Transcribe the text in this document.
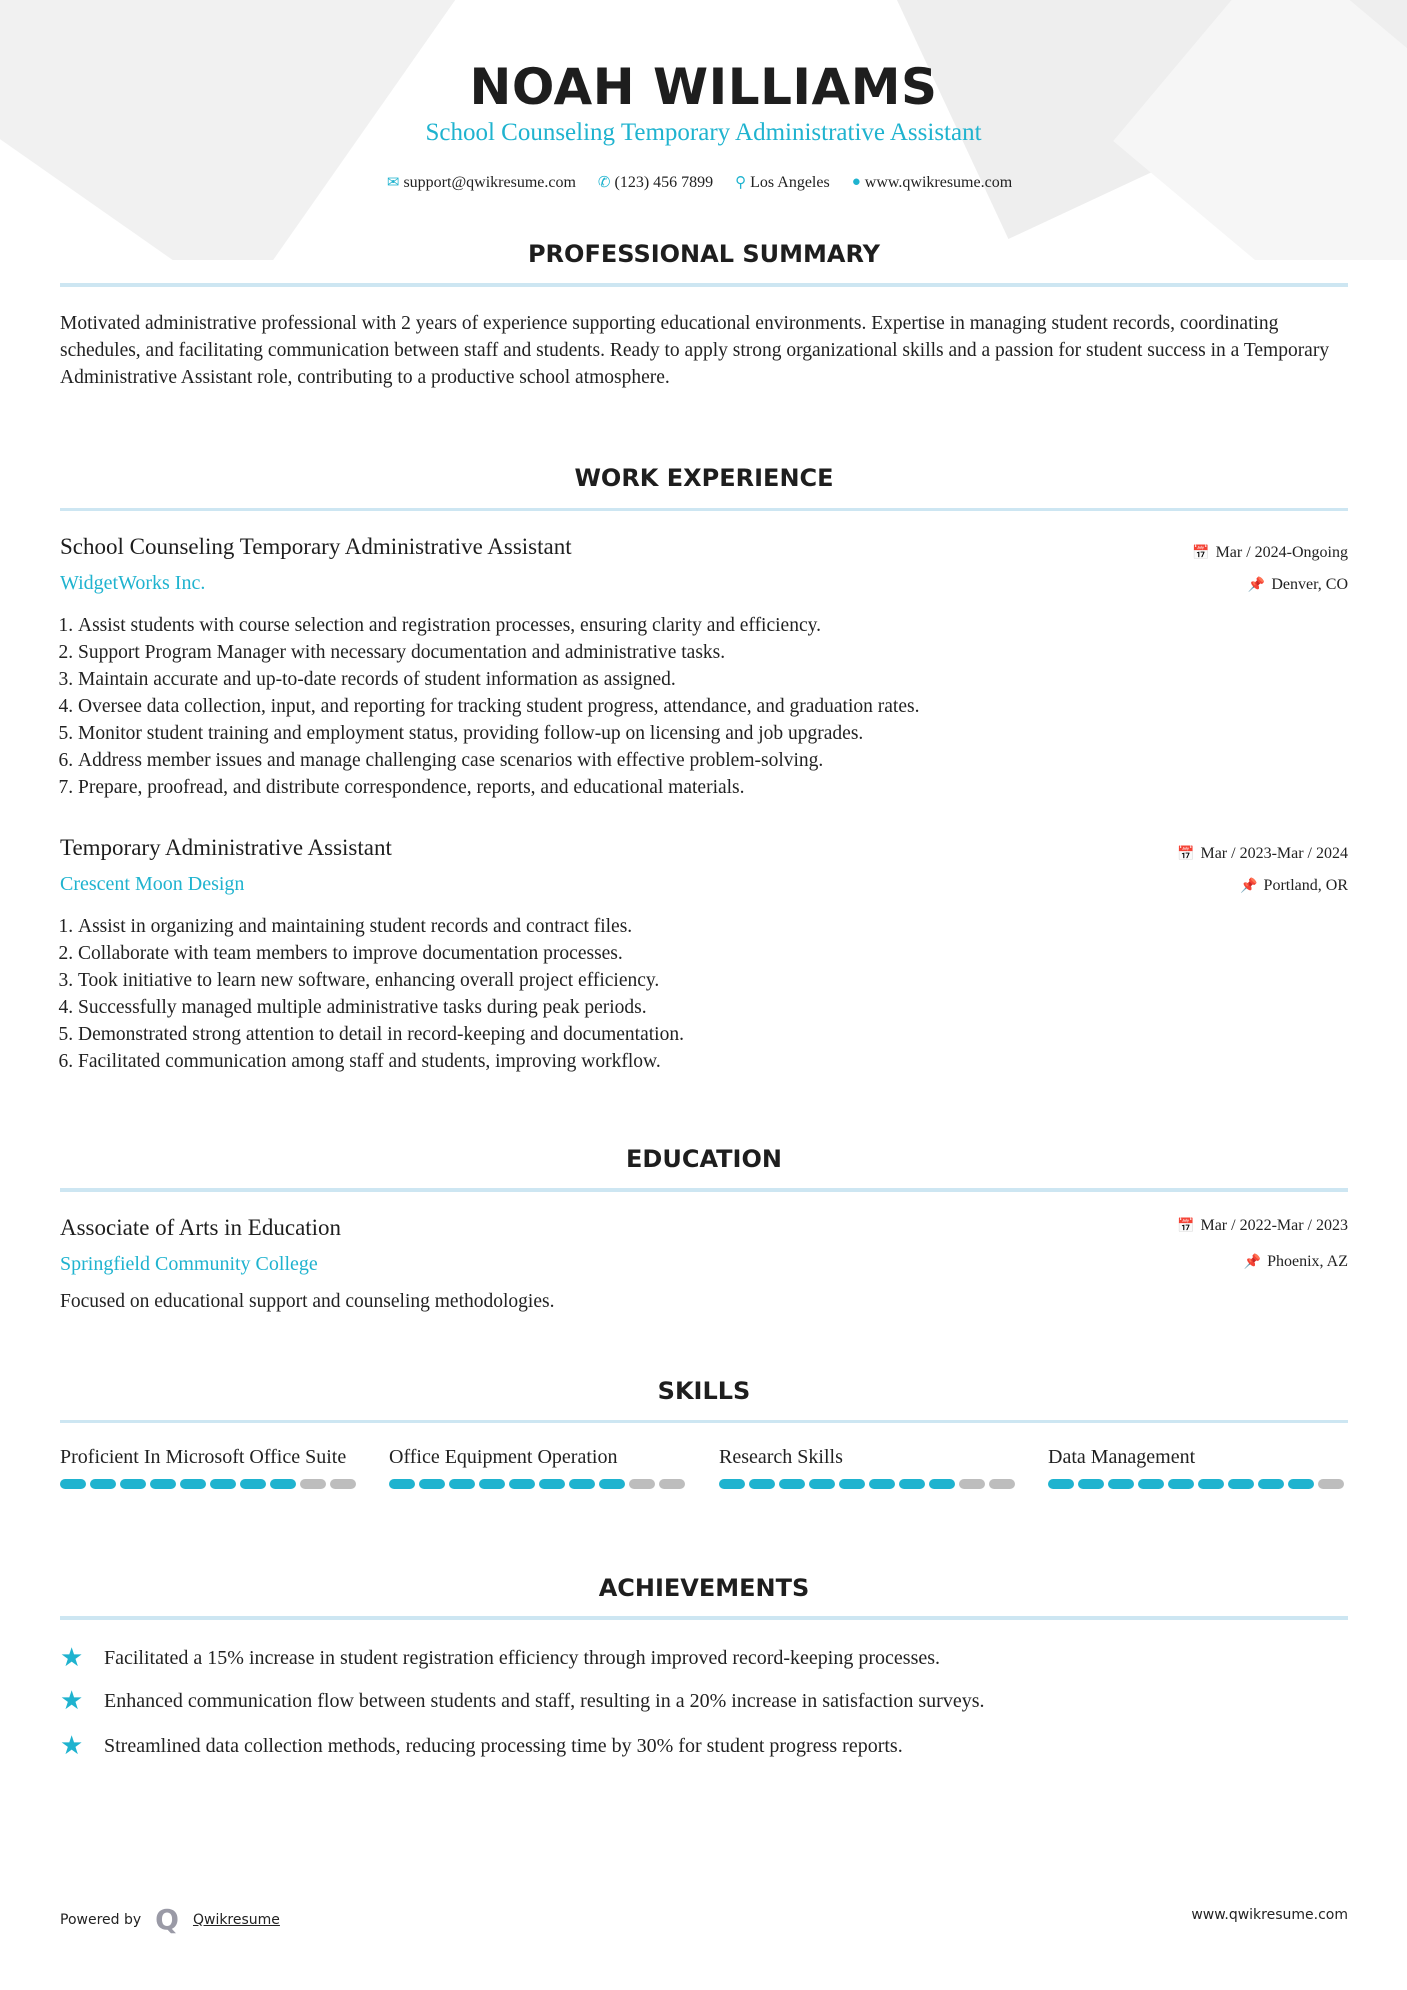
NOAH WILLIAMS
School Counseling Temporary Administrative Assistant
✉ support@qwikresume.com ✆ (123) 456 7899 ⚲ Los Angeles ● www.qwikresume.com
PROFESSIONAL SUMMARY
Motivated administrative professional with 2 years of experience supporting educational environments. Expertise in managing student records, coordinating schedules, and facilitating communication between staff and students. Ready to apply strong organizational skills and a passion for student success in a Temporary Administrative Assistant role, contributing to a productive school atmosphere.
WORK EXPERIENCE
School Counseling Temporary Administrative Assistant	📅 Mar / 2024-Ongoing
WidgetWorks Inc.	📌 Denver, CO
1. Assist students with course selection and registration processes, ensuring clarity and efficiency.
2. Support Program Manager with necessary documentation and administrative tasks.
3. Maintain accurate and up-to-date records of student information as assigned.
4. Oversee data collection, input, and reporting for tracking student progress, attendance, and graduation rates.
5. Monitor student training and employment status, providing follow-up on licensing and job upgrades.
6. Address member issues and manage challenging case scenarios with effective problem-solving.
7. Prepare, proofread, and distribute correspondence, reports, and educational materials.
Temporary Administrative Assistant	📅 Mar / 2023-Mar / 2024
Crescent Moon Design	📌 Portland, OR
1. Assist in organizing and maintaining student records and contract files.
2. Collaborate with team members to improve documentation processes.
3. Took initiative to learn new software, enhancing overall project efficiency.
4. Successfully managed multiple administrative tasks during peak periods.
5. Demonstrated strong attention to detail in record-keeping and documentation.
6. Facilitated communication among staff and students, improving workflow.
EDUCATION
Associate of Arts in Education	📅 Mar / 2022-Mar / 2023
Springfield Community College	📌 Phoenix, AZ
Focused on educational support and counseling methodologies.
SKILLS
Proficient In Microsoft Office Suite	Office Equipment Operation	Research Skills	Data Management
ACHIEVEMENTS
★	Facilitated a 15% increase in student registration efficiency through improved record-keeping processes.
★	Enhanced communication flow between students and staff, resulting in a 20% increase in satisfaction surveys.
★	Streamlined data collection methods, reducing processing time by 30% for student progress reports.
Powered by Q Qwikresume	www.qwikresume.com
